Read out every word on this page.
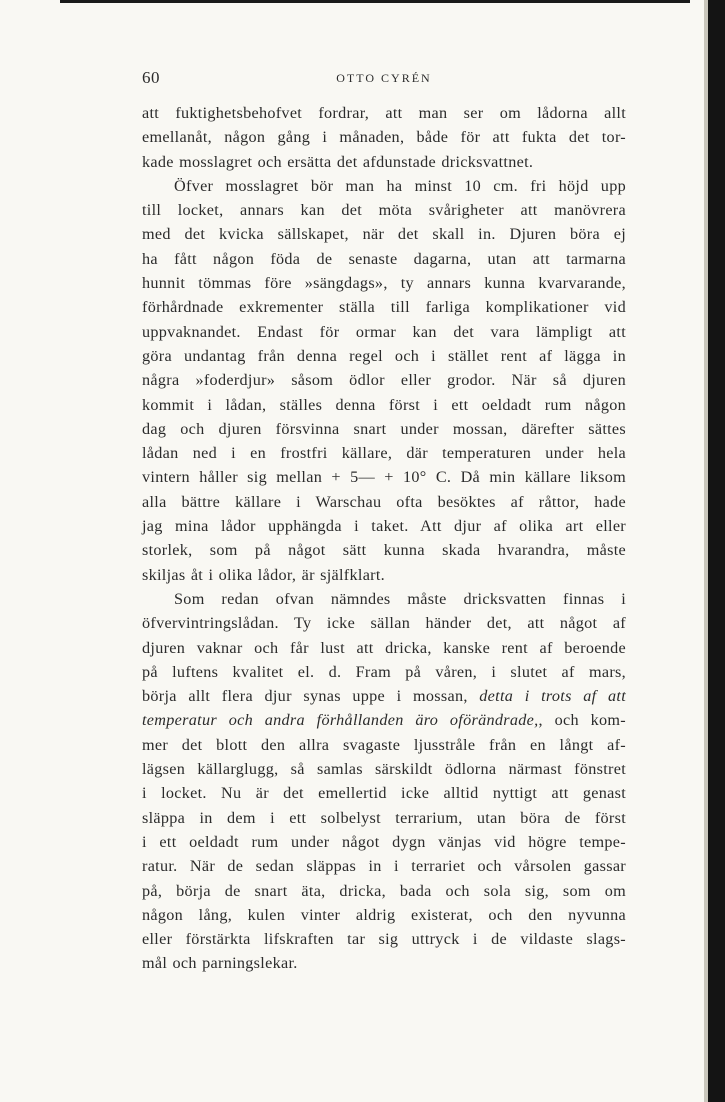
60	OTTO CYRÉN
att fuktighetsbehofvet fordrar, att man ser om lådorna allt
emellanåt, någon gång i månaden, både för att fukta det tor-
kade mosslagret och ersätta det afdunstade dricksvattnet.
Öfver mosslagret bör man ha minst 10 cm. fri höjd upp
till locket, annars kan det möta svårigheter att manövrera
med det kvicka sällskapet, när det skall in. Djuren böra ej
ha fått någon föda de senaste dagarna, utan att tarmarna
hunnit tömmas före »sängdags», ty annars kunna kvarvarande,
förhårdnade exkrementer ställa till farliga komplikationer vid
uppvaknandet. Endast för ormar kan det vara lämpligt att
göra undantag från denna regel och i stället rent af lägga in
några »foderdjur» såsom ödlor eller grodor. När så djuren
kommit i lådan, ställes denna först i ett oeldadt rum någon
dag och djuren försvinna snart under mossan, därefter sättes
lådan ned i en frostfri källare, där temperaturen under hela
vintern håller sig mellan + 5— + 10° C. Då min källare liksom
alla bättre källare i Warschau ofta besöktes af råttor, hade
jag mina lådor upphängda i taket. Att djur af olika art eller
storlek, som på något sätt kunna skada hvarandra, måste
skiljas åt i olika lådor, är själfklart.
Som redan ofvan nämndes måste dricksvatten finnas i
öfvervintringslådan. Ty icke sällan händer det, att något af
djuren vaknar och får lust att dricka, kanske rent af beroende
på luftens kvalitet el. d. Fram på våren, i slutet af mars,
börja allt flera djur synas uppe i mossan, detta i trots af att
temperatur och andra förhållanden äro oförändrade,, och kom-
mer det blott den allra svagaste ljusstråle från en långt af-
lägsen källarglugg, så samlas särskildt ödlorna närmast fönstret
i locket. Nu är det emellertid icke alltid nyttigt att genast
släppa in dem i ett solbelyst terrarium, utan böra de först
i ett oeldadt rum under något dygn vänjas vid högre tempe-
ratur. När de sedan släppas in i terrariet och vårsolen gassar
på, börja de snart äta, dricka, bada och sola sig, som om
någon lång, kulen vinter aldrig existerat, och den nyvunna
eller förstärkta lifskraften tar sig uttryck i de vildaste slags-
mål och parningslekar.
